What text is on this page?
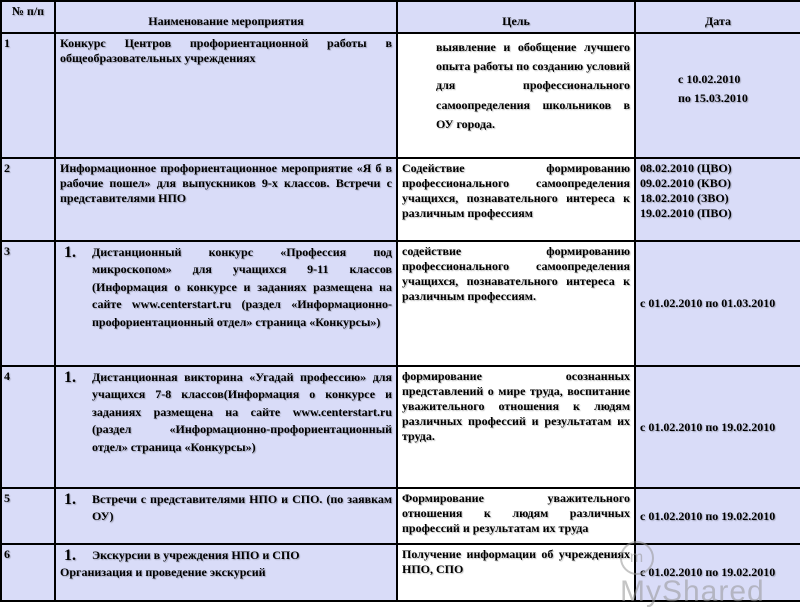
№ п/п	Наименование мероприятия	Цель	Дата
1	Конкурс Центров профориентационной работы в общеобразовательных учреждениях	выявление и обобщение лучшего опыта работы по созданию условий для профессионального самоопределения школьников в ОУ города.	с 10.02.2010
по 15.03.2010

2	Информационное профориентационное мероприятие «Я б в рабочие пошел» для выпускников 9-х классов. Встречи с представителями НПО	Содействие формированию профессионального самоопределения учащихся, познавательного интереса к различным профессиям	08.02.2010 (ЦВО)
09.02.2010 (КВО)
18.02.2010 (ЗВО)
19.02.2010 (ПВО)

3	1. Дистанционный конкурс «Профессия под микроскопом» для учащихся 9-11 классов (Информация о конкурсе и заданиях размещена на сайте www.centerstart.ru (раздел «Информационно-профориентационный отдел» страница «Конкурсы»)	содействие формированию профессионального самоопределения учащихся, познавательного интереса к различным профессиям.	с 01.02.2010 по 01.03.2010

4	1. Дистанционная викторина «Угадай профессию» для учащихся 7-8 классов(Информация о конкурсе и заданиях размещена на сайте www.centerstart.ru (раздел «Информационно-профориентационный отдел» страница «Конкурсы»)	формирование осознанных представлений о мире труда, воспитание уважительного отношения к людям различных профессий и результатам их труда.	с 01.02.2010 по 19.02.2010

5	1. Встречи с представителями НПО и СПО. (по заявкам ОУ)	Формирование уважительного отношения к людям различных профессий и результатам их труда	с 01.02.2010 по 19.02.2010

6	1. Экскурсии в учреждения НПО и СПО
Организация и проведение экскурсий	Получение информации об учреждениях НПО, СПО	с 01.02.2010 по 19.02.2010
mMyShared
